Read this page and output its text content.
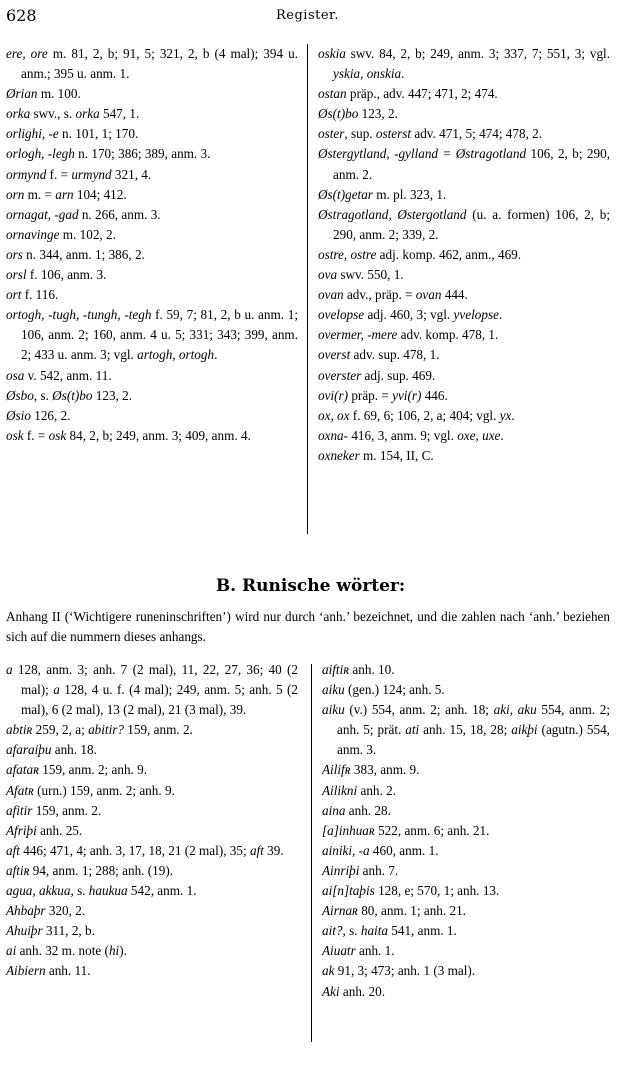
628	Register.
ere, ore m. 81, 2, b; 91, 5; 321, 2, b (4 mal); 394 u. anm.; 395 u. anm. 1.
Ørian m. 100.
orka swv., s. orka 547, 1.
orlighi, -e n. 101, 1; 170.
orlogh, -legh n. 170; 386; 389, anm. 3.
ormynd f. = urmynd 321, 4.
orn m. = arn 104; 412.
ornagat, -gad n. 266, anm. 3.
ornavinge m. 102, 2.
ors n. 344, anm. 1; 386, 2.
orsl f. 106, anm. 3.
ort f. 116.
ortogh, -tugh, -tungh, -tegh f. 59, 7; 81, 2, b u. anm. 1; 106, anm. 2; 160, anm. 4 u. 5; 331; 343; 399, anm. 2; 433 u. anm. 3; vgl. artogh, ortogh.
osa v. 542, anm. 11.
Øsbo, s. Øs(t)bo 123, 2.
Øsio 126, 2.
osk f. = osk 84, 2, b; 249, anm. 3; 409, anm. 4.
oskia swv. 84, 2, b; 249, anm. 3; 337, 7; 551, 3; vgl. yskia, onskia.
ostan präp., adv. 447; 471, 2; 474.
Øs(t)bo 123, 2.
oster, sup. osterst adv. 471, 5; 474; 478, 2.
Østergytland, -gylland = Østragotland 106, 2, b; 290, anm. 2.
Øs(t)getar m. pl. 323, 1.
Østragotland, Østergotland (u. a. formen) 106, 2, b; 290, anm. 2; 339, 2.
ostre, ostre adj. komp. 462, anm., 469.
ova swv. 550, 1.
ovan adv., präp. = ovan 444.
ovelopse adj. 460, 3; vgl. yvelopse.
overmer, -mere adv. komp. 478, 1.
overst adv. sup. 478, 1.
overster adj. sup. 469.
ovi(r) präp. = yvi(r) 446.
ox, ox f. 69, 6; 106, 2, a; 404; vgl. yx.
oxna- 416, 3, anm. 9; vgl. oxe, uxe.
oxneker m. 154, II, C.
B. Runische wörter:
Anhang II (‘Wichtigere runeninschriften’) wird nur durch ‘anh.’ bezeichnet, und die zahlen nach ‘anh.’ beziehen sich auf die nummern dieses anhangs.
a 128, anm. 3; anh. 7 (2 mal), 11, 22, 27, 36; 40 (2 mal); a 128, 4 u. f. (4 mal); 249, anm. 5; anh. 5 (2 mal), 6 (2 mal), 13 (2 mal), 21 (3 mal), 39.
abtiʀ 259, 2, a; abitir? 159, anm. 2.
afaraiþu anh. 18.
afataʀ 159, anm. 2; anh. 9.
Afatʀ (urn.) 159, anm. 2; anh. 9.
afitir 159, anm. 2.
Afriþi anh. 25.
aft 446; 471, 4; anh. 3, 17, 18, 21 (2 mal), 35; aft 39.
aftiʀ 94, anm. 1; 288; anh. (19).
agua, akkua, s. haukua 542, anm. 1.
Ahbaþr 320, 2.
Ahuiþr 311, 2, b.
ai anh. 32 m. note (hi).
Aibiern anh. 11.
aiftiʀ anh. 10.
aiku (gen.) 124; anh. 5.
aiku (v.) 554, anm. 2; anh. 18; aki, aku 554, anm. 2; anh. 5; prät. ati anh. 15, 18, 28; aikþi (agutn.) 554, anm. 3.
Ailifʀ 383, anm. 9.
Ailikni anh. 2.
aina anh. 28.
[a]inhuaʀ 522, anm. 6; anh. 21.
ainiki, -a 460, anm. 1.
Ainriþi anh. 7.
ai[n]taþis 128, e; 570, 1; anh. 13.
Airnaʀ 80, anm. 1; anh. 21.
ait?, s. haita 541, anm. 1.
Aiuatr anh. 1.
ak 91, 3; 473; anh. 1 (3 mal).
Aki anh. 20.
